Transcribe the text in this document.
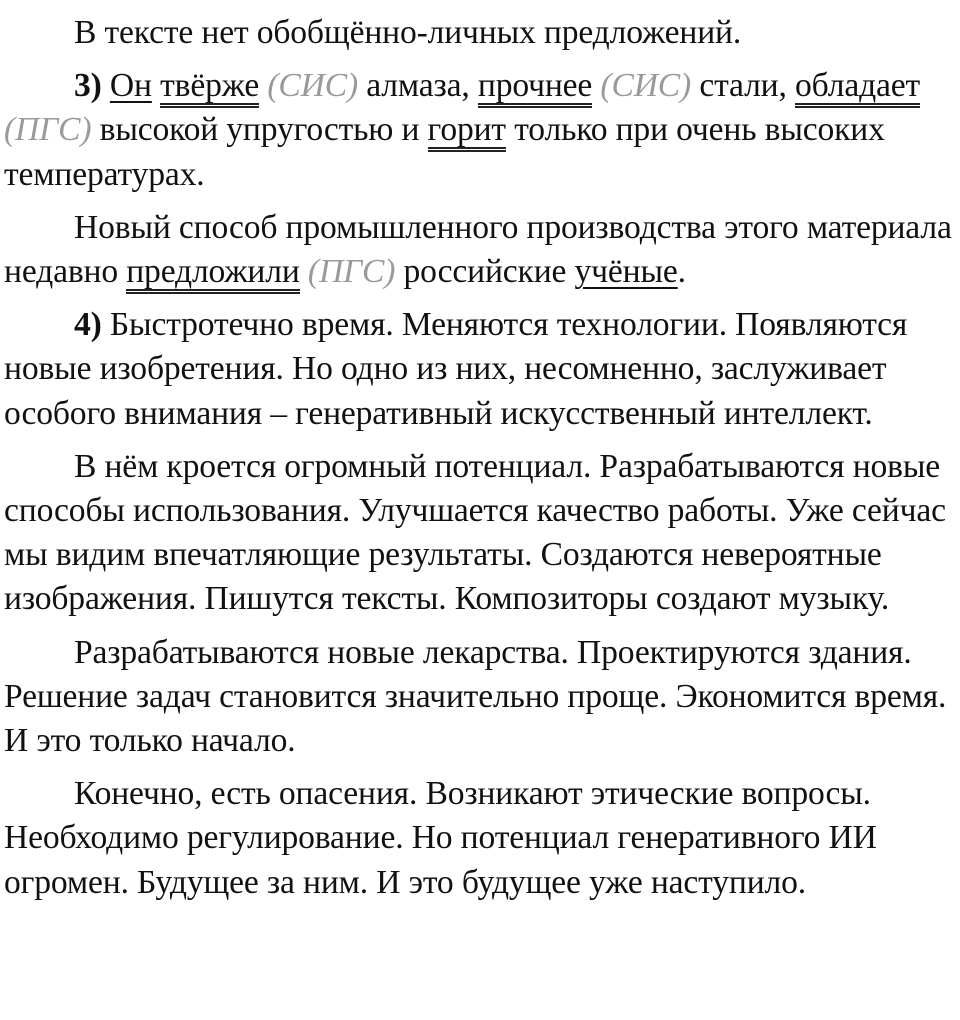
В тексте нет обобщённо-личных предложений.

3) Он твёрже (СИС) алмаза, прочнее (СИС) стали, обладает (ПГС) высокой упругостью и горит только при очень высоких температурах.

Новый способ промышленного производства этого материала недавно предложили (ПГС) российские учёные.

4) Быстротечно время. Меняются технологии. Появляются новые изобретения. Но одно из них, несомненно, заслуживает особого внимания – генеративный искусственный интеллект.

В нём кроется огромный потенциал. Разрабатываются новые способы использования. Улучшается качество работы. Уже сейчас мы видим впечатляющие результаты. Создаются невероятные изображения. Пишутся тексты. Композиторы создают музыку.

Разрабатываются новые лекарства. Проектируются здания. Решение задач становится значительно проще. Экономится время. И это только начало.

Конечно, есть опасения. Возникают этические вопросы. Необходимо регулирование. Но потенциал генеративного ИИ огромен. Будущее за ним. И это будущее уже наступило.
